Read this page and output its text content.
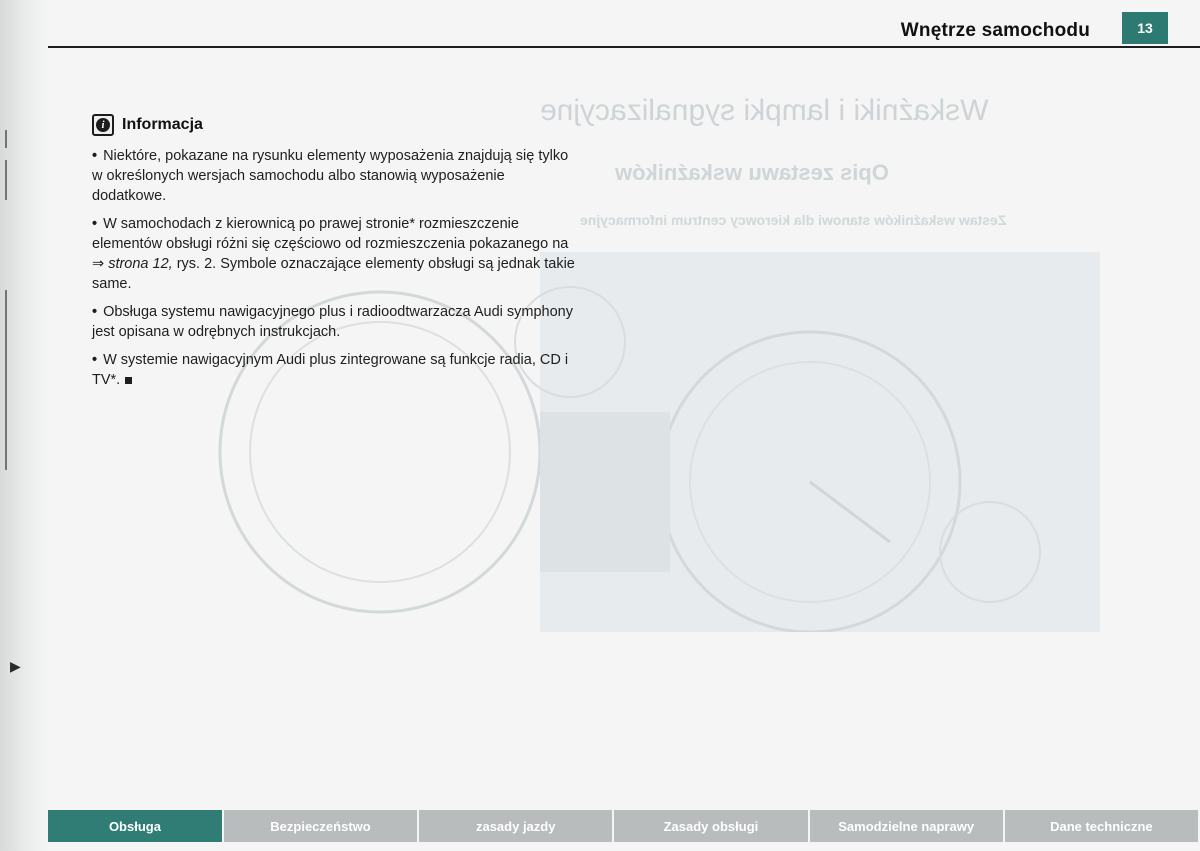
▶
Wskaźniki i lampki sygnalizacyjne
Opis zestawu wskaźników
Zestaw wskaźników stanowi dla kierowcy centrum informacyjne
Wnętrze samochodu	13
i	Informacja
• Niektóre, pokazane na rysunku elementy wyposażenia znajdują się tylko w określonych wersjach samochodu albo stanowią wyposażenie dodatkowe.
• W samochodach z kierownicą po prawej stronie* rozmieszczenie elementów obsługi różni się częściowo od rozmieszczenia pokazanego na ⇒ strona 12, rys. 2. Symbole oznaczające elementy obsługi są jednak takie same.
• Obsługa systemu nawigacyjnego plus i radioodtwarzacza Audi symphony jest opisana w odrębnych instrukcjach.
• W systemie nawigacyjnym Audi plus zintegrowane są funkcje radia, CD i TV*.
Obsługa	Bezpieczeństwo	zasady jazdy	Zasady obsługi	Samodzielne naprawy	Dane techniczne
